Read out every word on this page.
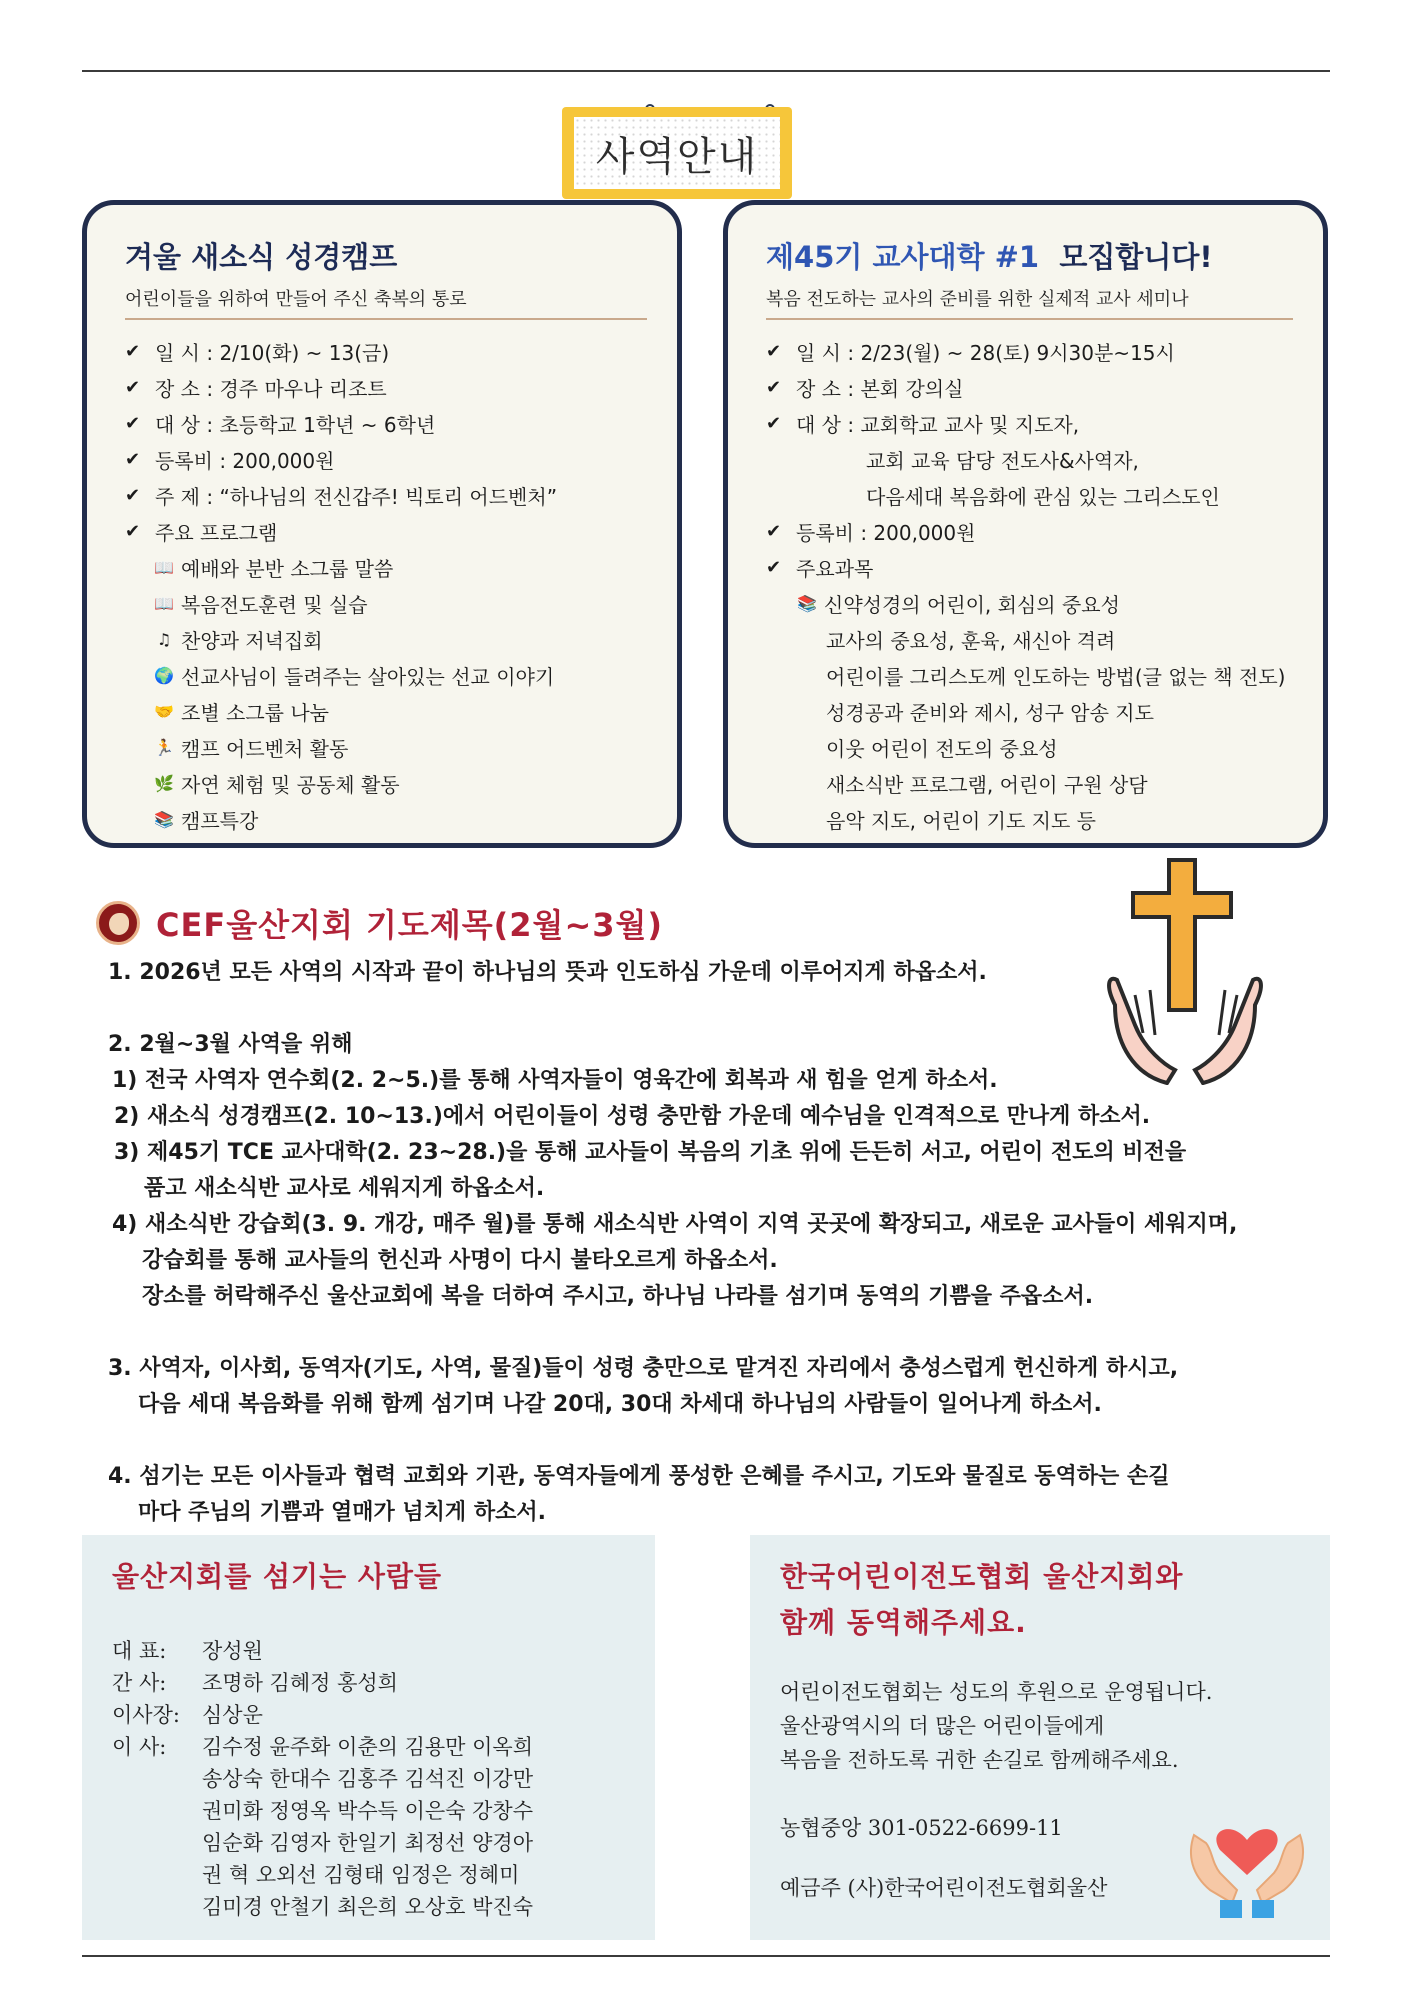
사역안내
겨울 새소식 성경캠프
어린이들을 위하여 만들어 주신 축복의 통로
✔ 일 시 : 2/10(화) ~ 13(금)
✔ 장 소 : 경주 마우나 리조트
✔ 대 상 : 초등학교 1학년 ~ 6학년
✔ 등록비 : 200,000원
✔ 주 제 : “하나님의 전신갑주! 빅토리 어드벤처”
✔ 주요 프로그램
📖 예배와 분반 소그룹 말씀
📖 복음전도훈련 및 실습
♫ 찬양과 저녁집회
🌍 선교사님이 들려주는 살아있는 선교 이야기
🤝 조별 소그룹 나눔
🏃 캠프 어드벤처 활동
🌿 자연 체험 및 공동체 활동
📚 캠프특강
제45기 교사대학 #1 모집합니다!
복음 전도하는 교사의 준비를 위한 실제적 교사 세미나
✔ 일 시 : 2/23(월) ~ 28(토) 9시30분~15시
✔ 장 소 : 본회 강의실
✔ 대 상 : 교회학교 교사 및 지도자,
교회 교육 담당 전도사&사역자,
다음세대 복음화에 관심 있는 그리스도인
✔ 등록비 : 200,000원
✔ 주요과목
📚 신약성경의 어린이, 회심의 중요성
교사의 중요성, 훈육, 새신아 격려
어린이를 그리스도께 인도하는 방법(글 없는 책 전도)
성경공과 준비와 제시, 성구 암송 지도
이웃 어린이 전도의 중요성
새소식반 프로그램, 어린이 구원 상담
음악 지도, 어린이 기도 지도 등
CEF울산지회 기도제목(2월~3월)
1. 2026년 모든 사역의 시작과 끝이 하나님의 뜻과 인도하심 가운데 이루어지게 하옵소서.
2. 2월~3월 사역을 위해
1) 전국 사역자 연수회(2. 2~5.)를 통해 사역자들이 영육간에 회복과 새 힘을 얻게 하소서.
2) 새소식 성경캠프(2. 10~13.)에서 어린이들이 성령 충만함 가운데 예수님을 인격적으로 만나게 하소서.
3) 제45기 TCE 교사대학(2. 23~28.)을 통해 교사들이 복음의 기초 위에 든든히 서고, 어린이 전도의 비전을
품고 새소식반 교사로 세워지게 하옵소서.
4) 새소식반 강습회(3. 9. 개강, 매주 월)를 통해 새소식반 사역이 지역 곳곳에 확장되고, 새로운 교사들이 세워지며,
강습회를 통해 교사들의 헌신과 사명이 다시 불타오르게 하옵소서.
장소를 허락해주신 울산교회에 복을 더하여 주시고, 하나님 나라를 섬기며 동역의 기쁨을 주옵소서.
3. 사역자, 이사회, 동역자(기도, 사역, 물질)들이 성령 충만으로 맡겨진 자리에서 충성스럽게 헌신하게 하시고,
다음 세대 복음화를 위해 함께 섬기며 나갈 20대, 30대 차세대 하나님의 사람들이 일어나게 하소서.
4. 섬기는 모든 이사들과 협력 교회와 기관, 동역자들에게 풍성한 은혜를 주시고, 기도와 물질로 동역하는 손길
마다 주님의 기쁨과 열매가 넘치게 하소서.
울산지회를 섬기는 사람들
대 표:	장성원
간 사:	조명하 김혜정 홍성희
이사장:	심상운
이 사:	김수정 윤주화 이춘의 김용만 이옥희
송상숙 한대수 김홍주 김석진 이강만
권미화 정영옥 박수득 이은숙 강창수
임순화 김영자 한일기 최정선 양경아
권 혁 오외선 김형태 임정은 정혜미
김미경 안철기 최은희 오상호 박진숙
한국어린이전도협회 울산지회와
함께 동역해주세요.
어린이전도협회는 성도의 후원으로 운영됩니다.
울산광역시의 더 많은 어린이들에게
복음을 전하도록 귀한 손길로 함께해주세요.
농협중앙 301-0522-6699-11
예금주 (사)한국어린이전도협회울산
